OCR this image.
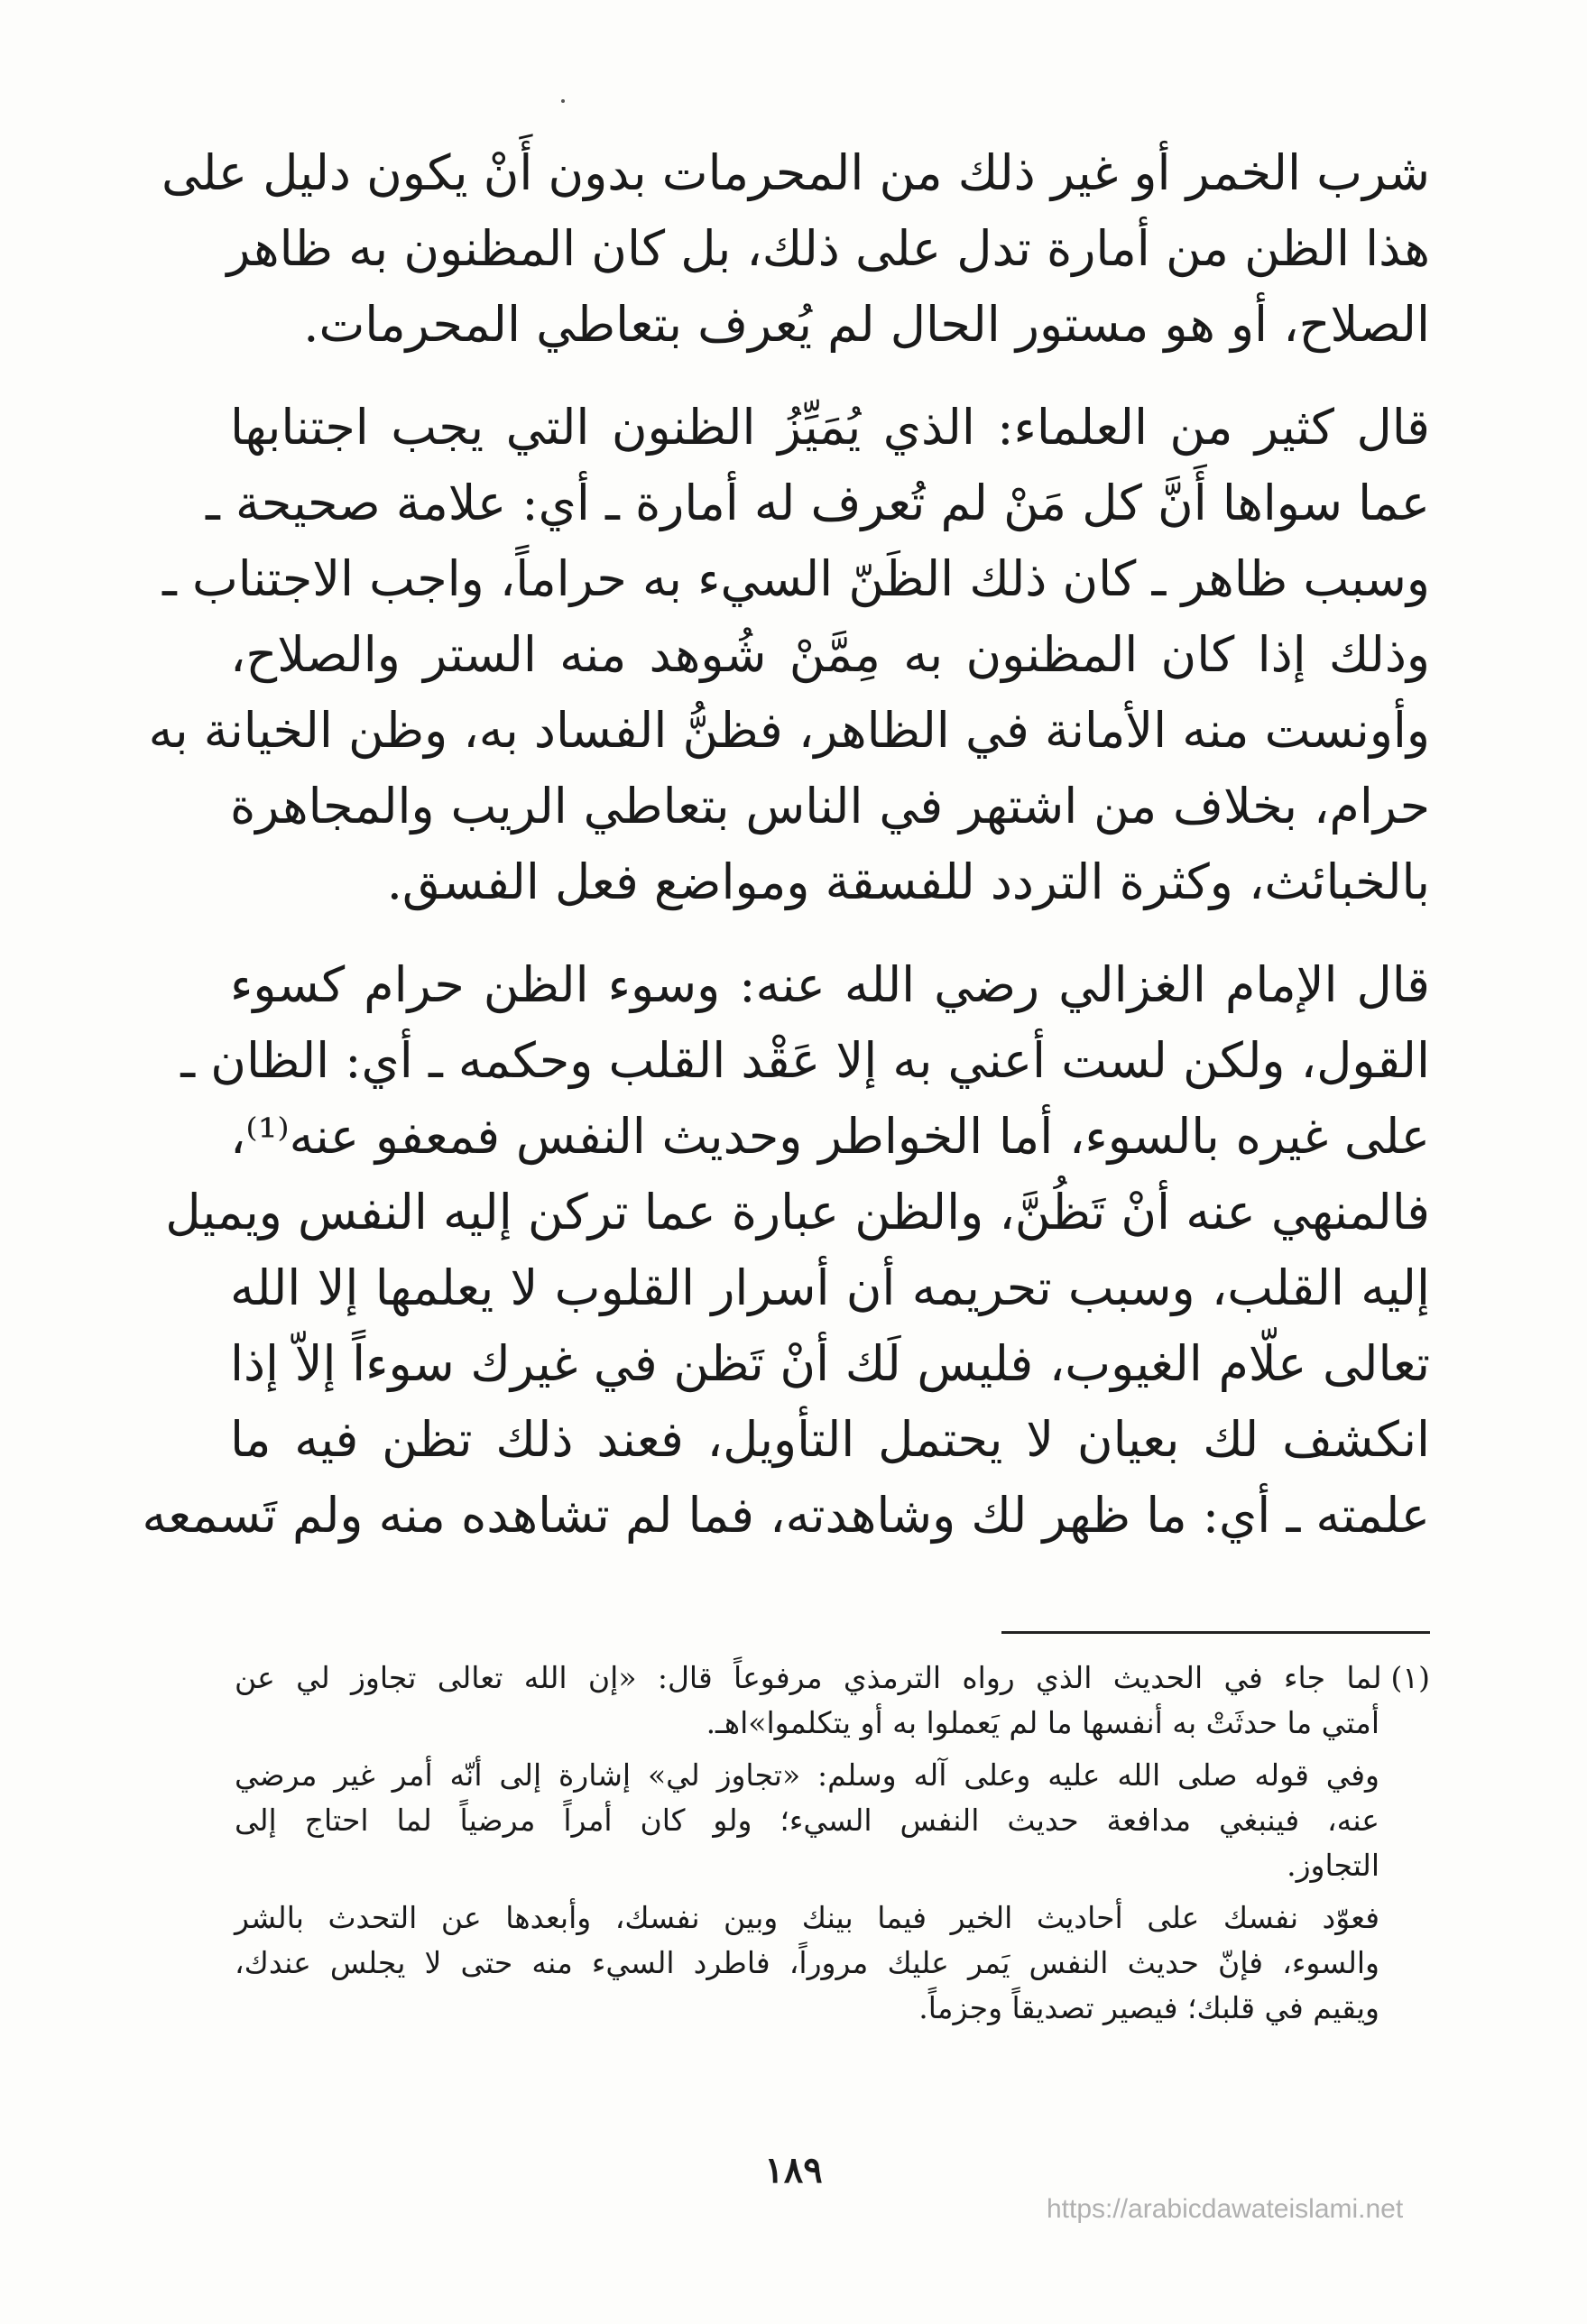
شرب الخمر أو غير ذلك من المحرمات بدون أَنْ يكون دليل على
هذا الظن من أمارة تدل على ذلك، بل كان المظنون به ظاهر
الصلاح، أو هو مستور الحال لم يُعرف بتعاطي المحرمات.

قال كثير من العلماء: الذي يُمَيِّزُ الظنون التي يجب اجتنابها
عما سواها أَنَّ كل مَنْ لم تُعرف له أمارة ـ أي: علامة صحيحة ـ
وسبب ظاهر ـ كان ذلك الظَنّ السيء به حراماً، واجب الاجتناب ـ
وذلك إذا كان المظنون به مِمَّنْ شُوهد منه الستر والصلاح،
وأونست منه الأمانة في الظاهر، فظنُّ الفساد به، وظن الخيانة به
حرام، بخلاف من اشتهر في الناس بتعاطي الريب والمجاهرة
بالخبائث، وكثرة التردد للفسقة ومواضع فعل الفسق.

قال الإمام الغزالي رضي الله عنه: وسوء الظن حرام كسوء
القول، ولكن لست أعني به إلا عَقْد القلب وحكمه ـ أي: الظان ـ
على غيره بالسوء، أما الخواطر وحديث النفس فمعفو عنه⁽¹⁾،
فالمنهي عنه أنْ تَظُنَّ، والظن عبارة عما تركن إليه النفس ويميل
إليه القلب، وسبب تحريمه أن أسرار القلوب لا يعلمها إلا الله
تعالى علّام الغيوب، فليس لَك أنْ تَظن في غيرك سوءاً إلاّ إذا
انكشف لك بعيان لا يحتمل التأويل، فعند ذلك تظن فيه ما
علمته ـ أي: ما ظهر لك وشاهدته، فما لم تشاهده منه ولم تَسمعه

(١)لما جاء في الحديث الذي رواه الترمذي مرفوعاً قال: «إن الله تعالى تجاوز لي عن
أمتي ما حدثَتْ به أنفسها ما لم يَعملوا به أو يتكلموا»اهـ.
وفي قوله صلى الله عليه وعلى آله وسلم: «تجاوز لي» إشارة إلى أنّه أمر غير مرضي
عنه، فينبغي مدافعة حديث النفس السيء؛ ولو كان أمراً مرضياً لما احتاج إلى
التجاوز.
فعوّد نفسك على أحاديث الخير فيما بينك وبين نفسك، وأبعدها عن التحدث بالشر
والسوء، فإنّ حديث النفس يَمر عليك مروراً، فاطرد السيء منه حتى لا يجلس عندك،
ويقيم في قلبك؛ فيصير تصديقاً وجزماً.
١٨٩
https://arabicdawateislami.net
